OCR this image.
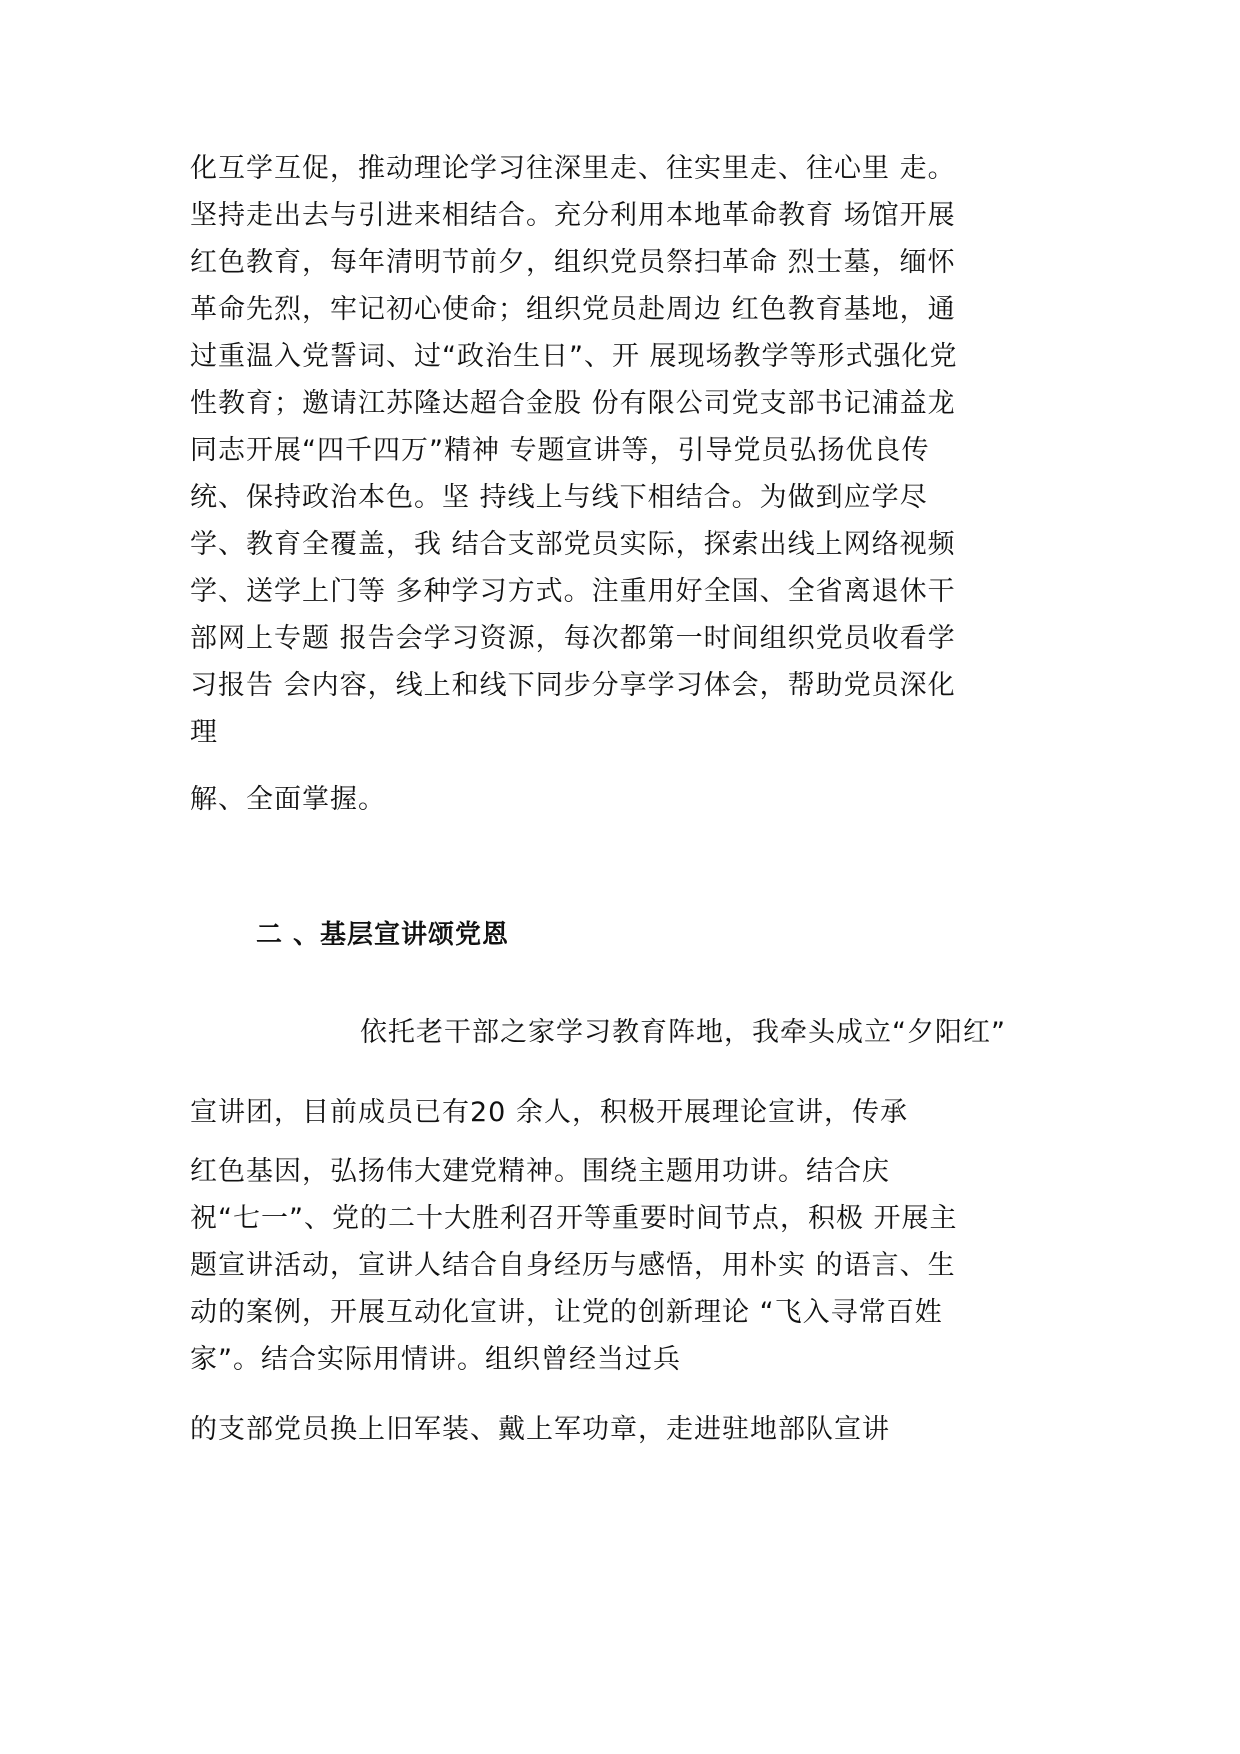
化互学互促，推动理论学习往深里走、往实里走、往心里 走。
坚持走出去与引进来相结合。充分利用本地革命教育 场馆开展
红色教育，每年清明节前夕，组织党员祭扫革命 烈士墓，缅怀
革命先烈，牢记初心使命；组织党员赴周边 红色教育基地，通
过重温入党誓词、过“政治生日”、开 展现场教学等形式强化党
性教育；邀请江苏隆达超合金股 份有限公司党支部书记浦益龙
同志开展“四千四万”精神 专题宣讲等，引导党员弘扬优良传
统、保持政治本色。坚 持线上与线下相结合。为做到应学尽
学、教育全覆盖，我 结合支部党员实际，探索出线上网络视频
学、送学上门等 多种学习方式。注重用好全国、全省离退休干
部网上专题 报告会学习资源，每次都第一时间组织党员收看学
习报告 会内容，线上和线下同步分享学习体会，帮助党员深化
理
解、全面掌握。
二 、基层宣讲颂党恩
依托老干部之家学习教育阵地，我牵头成立“夕阳红”
宣讲团，目前成员已有20 余人，积极开展理论宣讲，传承
红色基因，弘扬伟大建党精神。围绕主题用功讲。结合庆
祝“七一”、党的二十大胜利召开等重要时间节点，积极 开展主
题宣讲活动，宣讲人结合自身经历与感悟，用朴实 的语言、生
动的案例，开展互动化宣讲，让党的创新理论 “飞入寻常百姓
家”。结合实际用情讲。组织曾经当过兵
的支部党员换上旧军装、戴上军功章，走进驻地部队宣讲
